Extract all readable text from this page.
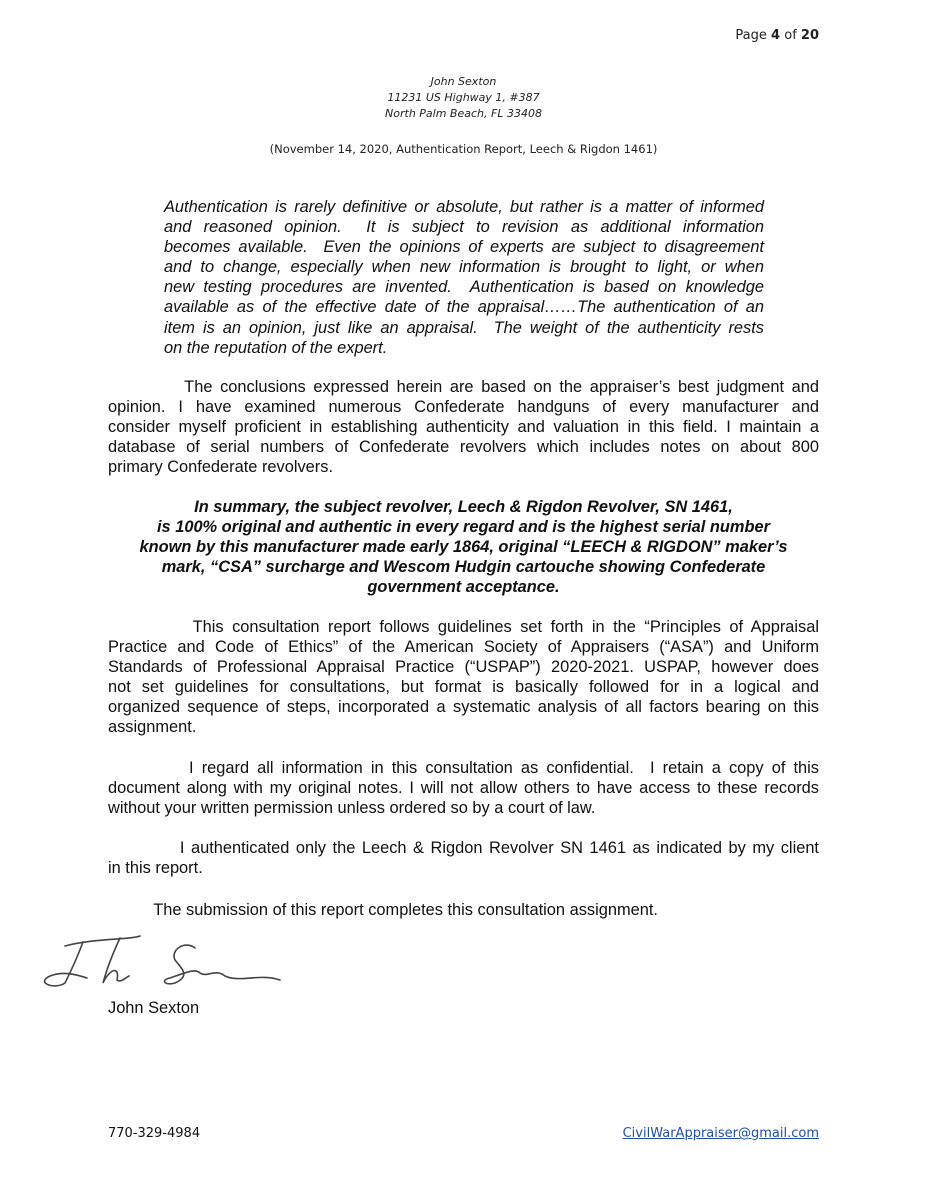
Page 4 of 20
John Sexton
11231 US Highway 1, #387
North Palm Beach, FL 33408
(November 14, 2020, Authentication Report, Leech & Rigdon 1461)
Authentication is rarely definitive or absolute, but rather is a matter of informed
and reasoned opinion.  It is subject to revision as additional information
becomes available.  Even the opinions of experts are subject to disagreement
and to change, especially when new information is brought to light, or when
new testing procedures are invented.  Authentication is based on knowledge
available as of the effective date of the appraisal……The authentication of an
item is an opinion, just like an appraisal.  The weight of the authenticity rests
on the reputation of the expert.
The conclusions expressed herein are based on the appraiser’s best judgment and
opinion. I have examined numerous Confederate handguns of every manufacturer and
consider myself proficient in establishing authenticity and valuation in this field. I maintain a
database of serial numbers of Confederate revolvers which includes notes on about 800
primary Confederate revolvers.
In summary, the subject revolver, Leech & Rigdon Revolver, SN 1461,
is 100% original and authentic in every regard and is the highest serial number
known by this manufacturer made early 1864, original “LEECH & RIGDON” maker’s
mark, “CSA” surcharge and Wescom Hudgin cartouche showing Confederate
government acceptance.
This consultation report follows guidelines set forth in the “Principles of Appraisal
Practice and Code of Ethics” of the American Society of Appraisers (“ASA”) and Uniform
Standards of Professional Appraisal Practice (“USPAP”) 2020-2021. USPAP, however does
not set guidelines for consultations, but format is basically followed for in a logical and
organized sequence of steps, incorporated a systematic analysis of all factors bearing on this
assignment.
I regard all information in this consultation as confidential.  I retain a copy of this
document along with my original notes. I will not allow others to have access to these records
without your written permission unless ordered so by a court of law.
I authenticated only the Leech & Rigdon Revolver SN 1461 as indicated by my client
in this report.
The submission of this report completes this consultation assignment.
John Sexton
770-329-4984	CivilWarAppraiser@gmail.com
